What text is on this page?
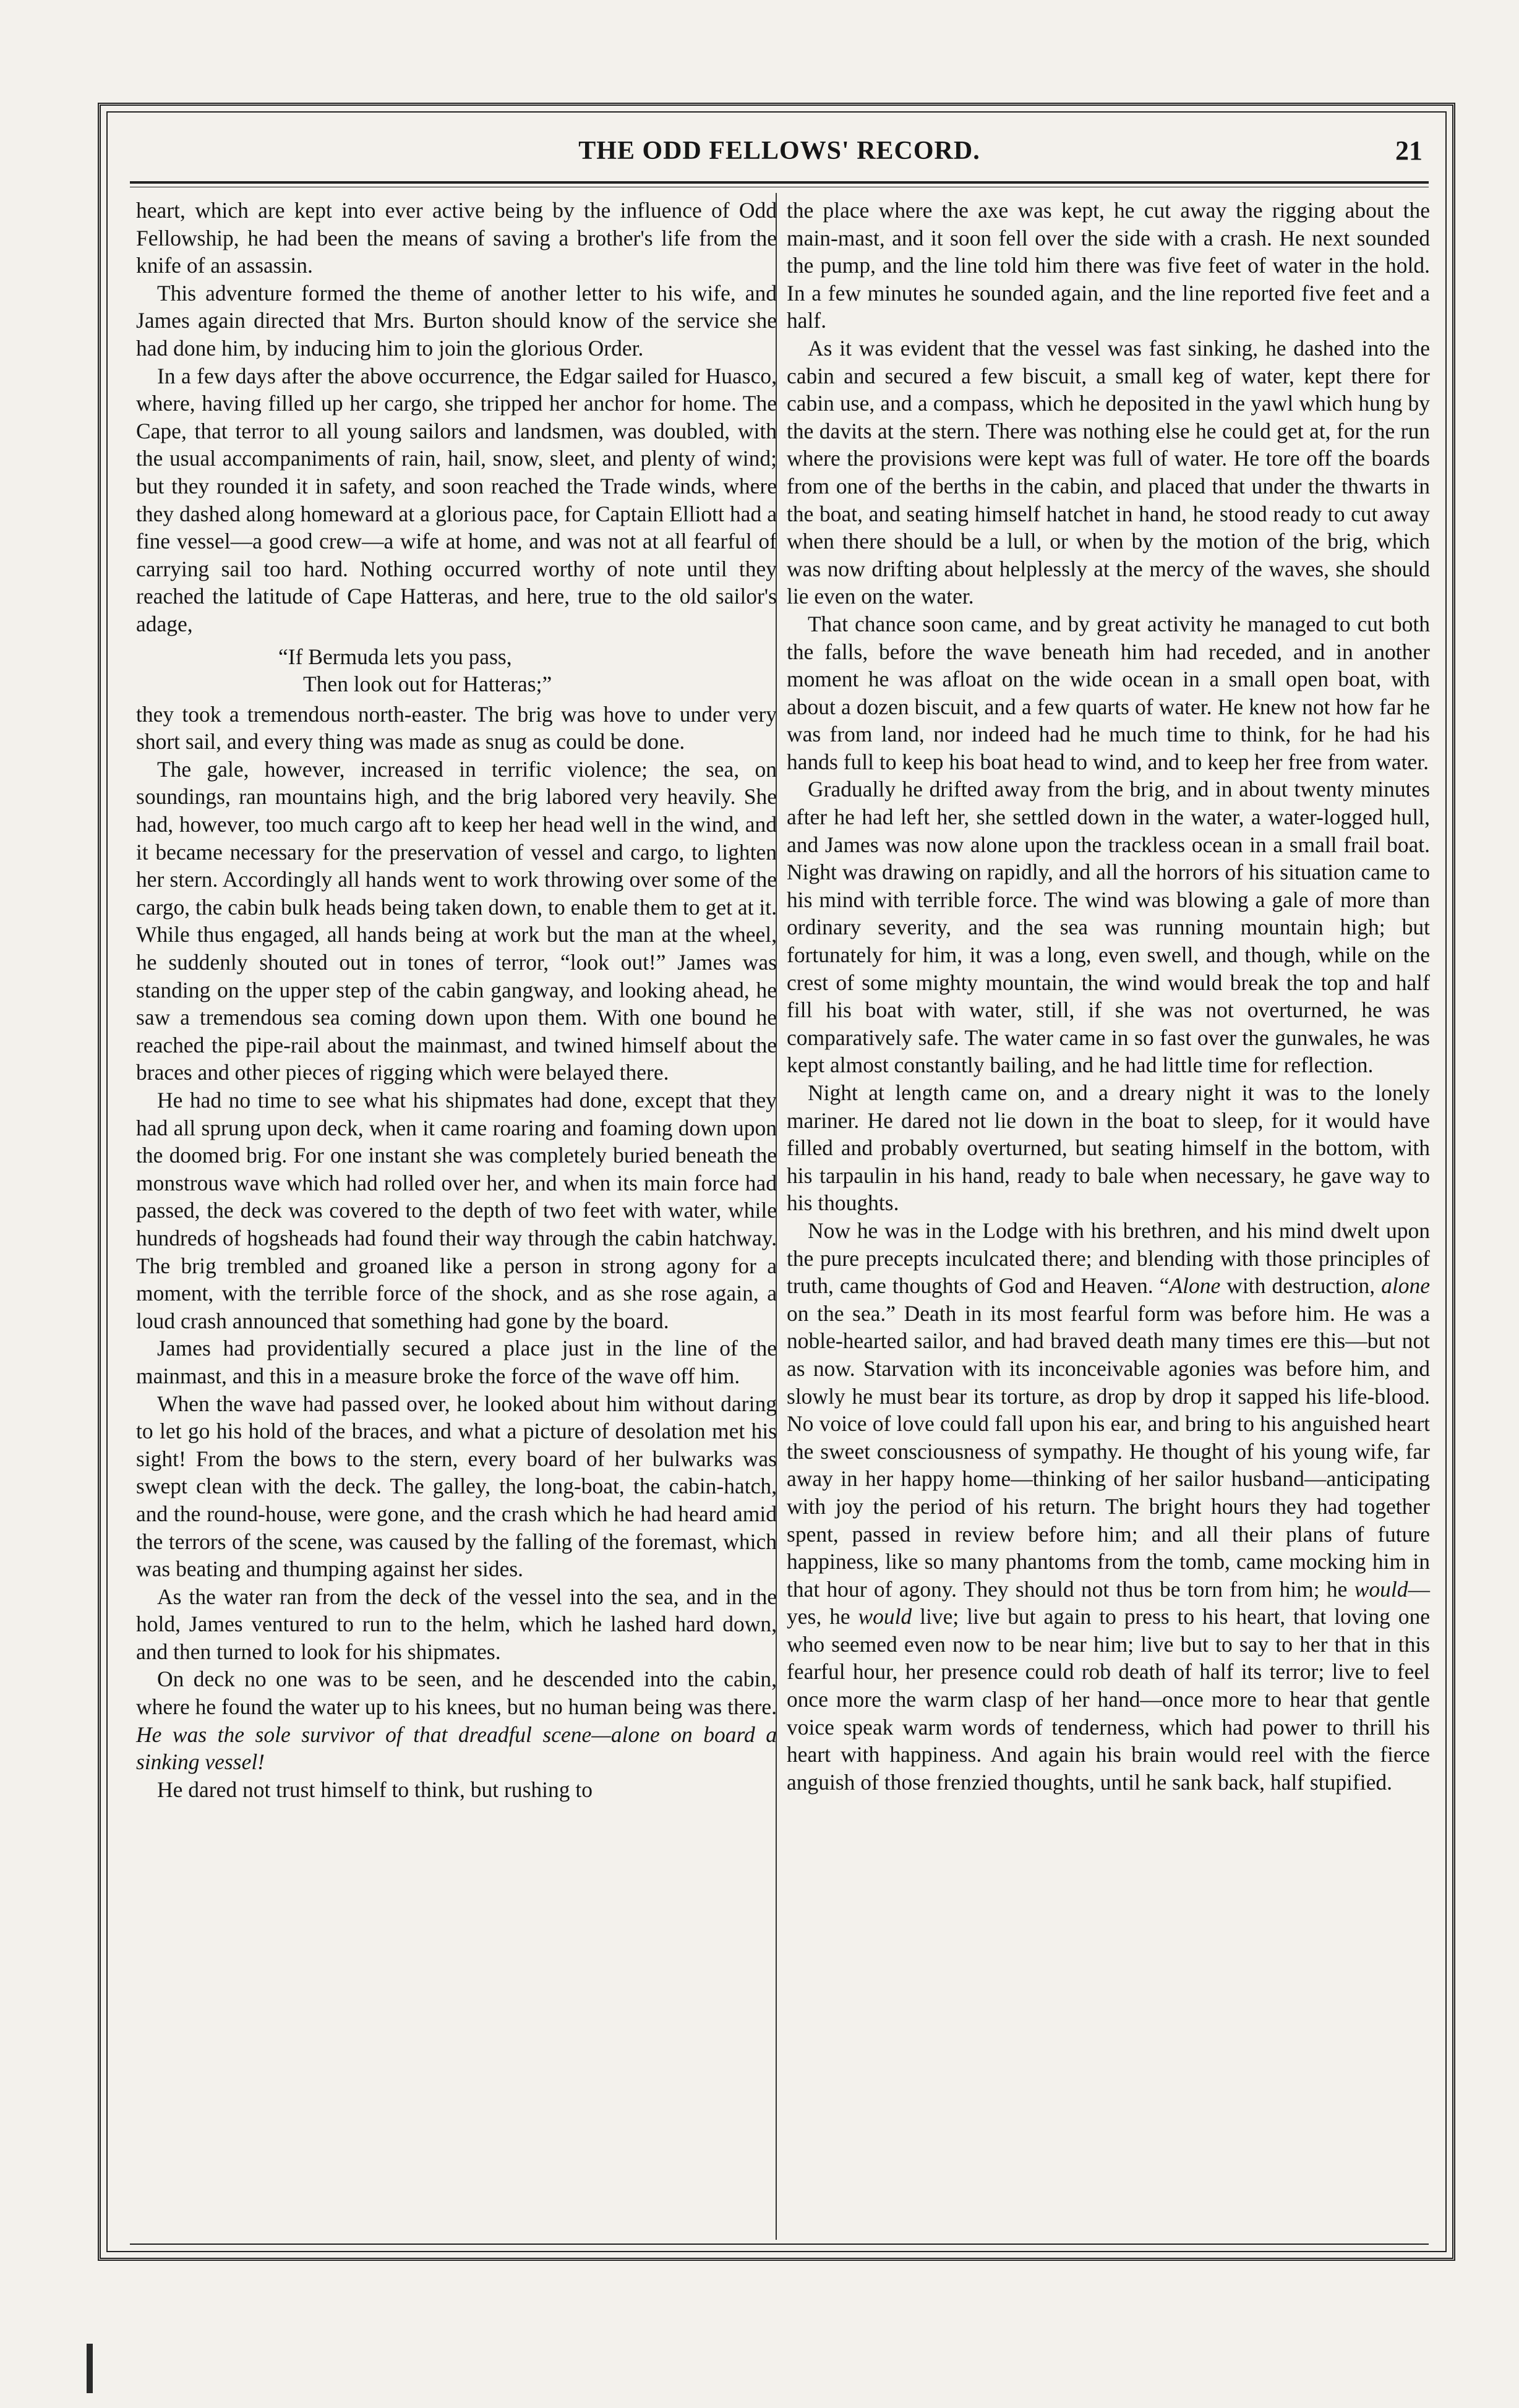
THE ODD FELLOWS' RECORD.	21

heart, which are kept into ever active being by the influence of Odd Fellowship, he had been the means of saving a brother's life from the knife of an assassin.

This adventure formed the theme of another letter to his wife, and James again directed that Mrs. Burton should know of the service she had done him, by inducing him to join the glorious Order.

In a few days after the above occurrence, the Edgar sailed for Huasco, where, having filled up her cargo, she tripped her anchor for home. The Cape, that terror to all young sailors and landsmen, was doubled, with the usual accompaniments of rain, hail, snow, sleet, and plenty of wind; but they rounded it in safety, and soon reached the Trade winds, where they dashed along homeward at a glorious pace, for Captain Elliott had a fine vessel—a good crew—a wife at home, and was not at all fearful of carrying sail too hard. Nothing occurred worthy of note until they reached the latitude of Cape Hatteras, and here, true to the old sailor's adage,

“If Bermuda lets you pass,
Then look out for Hatteras;”

they took a tremendous north-easter. The brig was hove to under very short sail, and every thing was made as snug as could be done.

The gale, however, increased in terrific violence; the sea, on soundings, ran mountains high, and the brig labored very heavily. She had, however, too much cargo aft to keep her head well in the wind, and it became necessary for the preservation of vessel and cargo, to lighten her stern. Accordingly all hands went to work throwing over some of the cargo, the cabin bulk heads being taken down, to enable them to get at it. While thus engaged, all hands being at work but the man at the wheel, he suddenly shouted out in tones of terror, “look out!” James was standing on the upper step of the cabin gangway, and looking ahead, he saw a tremendous sea coming down upon them. With one bound he reached the pipe-rail about the mainmast, and twined himself about the braces and other pieces of rigging which were belayed there.

He had no time to see what his shipmates had done, except that they had all sprung upon deck, when it came roaring and foaming down upon the doomed brig. For one instant she was completely buried beneath the monstrous wave which had rolled over her, and when its main force had passed, the deck was covered to the depth of two feet with water, while hundreds of hogsheads had found their way through the cabin hatchway. The brig trembled and groaned like a person in strong agony for a moment, with the terrible force of the shock, and as she rose again, a loud crash announced that something had gone by the board.

James had providentially secured a place just in the line of the mainmast, and this in a measure broke the force of the wave off him.

When the wave had passed over, he looked about him without daring to let go his hold of the braces, and what a picture of desolation met his sight! From the bows to the stern, every board of her bulwarks was swept clean with the deck. The galley, the long-boat, the cabin-hatch, and the round-house, were gone, and the crash which he had heard amid the terrors of the scene, was caused by the falling of the foremast, which was beating and thumping against her sides.

As the water ran from the deck of the vessel into the sea, and in the hold, James ventured to run to the helm, which he lashed hard down, and then turned to look for his shipmates.

On deck no one was to be seen, and he descended into the cabin, where he found the water up to his knees, but no human being was there. He was the sole survivor of that dreadful scene—alone on board a sinking vessel!

He dared not trust himself to think, but rushing to

the place where the axe was kept, he cut away the rigging about the main-mast, and it soon fell over the side with a crash. He next sounded the pump, and the line told him there was five feet of water in the hold. In a few minutes he sounded again, and the line reported five feet and a half.

As it was evident that the vessel was fast sinking, he dashed into the cabin and secured a few biscuit, a small keg of water, kept there for cabin use, and a compass, which he deposited in the yawl which hung by the davits at the stern. There was nothing else he could get at, for the run where the provisions were kept was full of water. He tore off the boards from one of the berths in the cabin, and placed that under the thwarts in the boat, and seating himself hatchet in hand, he stood ready to cut away when there should be a lull, or when by the motion of the brig, which was now drifting about helplessly at the mercy of the waves, she should lie even on the water.

That chance soon came, and by great activity he managed to cut both the falls, before the wave beneath him had receded, and in another moment he was afloat on the wide ocean in a small open boat, with about a dozen biscuit, and a few quarts of water. He knew not how far he was from land, nor indeed had he much time to think, for he had his hands full to keep his boat head to wind, and to keep her free from water.

Gradually he drifted away from the brig, and in about twenty minutes after he had left her, she settled down in the water, a water-logged hull, and James was now alone upon the trackless ocean in a small frail boat. Night was drawing on rapidly, and all the horrors of his situation came to his mind with terrible force. The wind was blowing a gale of more than ordinary severity, and the sea was running mountain high; but fortunately for him, it was a long, even swell, and though, while on the crest of some mighty mountain, the wind would break the top and half fill his boat with water, still, if she was not overturned, he was comparatively safe. The water came in so fast over the gunwales, he was kept almost constantly bailing, and he had little time for reflection.

Night at length came on, and a dreary night it was to the lonely mariner. He dared not lie down in the boat to sleep, for it would have filled and probably overturned, but seating himself in the bottom, with his tarpaulin in his hand, ready to bale when necessary, he gave way to his thoughts.

Now he was in the Lodge with his brethren, and his mind dwelt upon the pure precepts inculcated there; and blending with those principles of truth, came thoughts of God and Heaven. “Alone with destruction, alone on the sea.” Death in its most fearful form was before him. He was a noble-hearted sailor, and had braved death many times ere this—but not as now. Starvation with its inconceivable agonies was before him, and slowly he must bear its torture, as drop by drop it sapped his life-blood. No voice of love could fall upon his ear, and bring to his anguished heart the sweet consciousness of sympathy. He thought of his young wife, far away in her happy home—thinking of her sailor husband—anticipating with joy the period of his return. The bright hours they had together spent, passed in review before him; and all their plans of future happiness, like so many phantoms from the tomb, came mocking him in that hour of agony. They should not thus be torn from him; he would—yes, he would live; live but again to press to his heart, that loving one who seemed even now to be near him; live but to say to her that in this fearful hour, her presence could rob death of half its terror; live to feel once more the warm clasp of her hand—once more to hear that gentle voice speak warm words of tenderness, which had power to thrill his heart with happiness. And again his brain would reel with the fierce anguish of those frenzied thoughts, until he sank back, half stupified.
